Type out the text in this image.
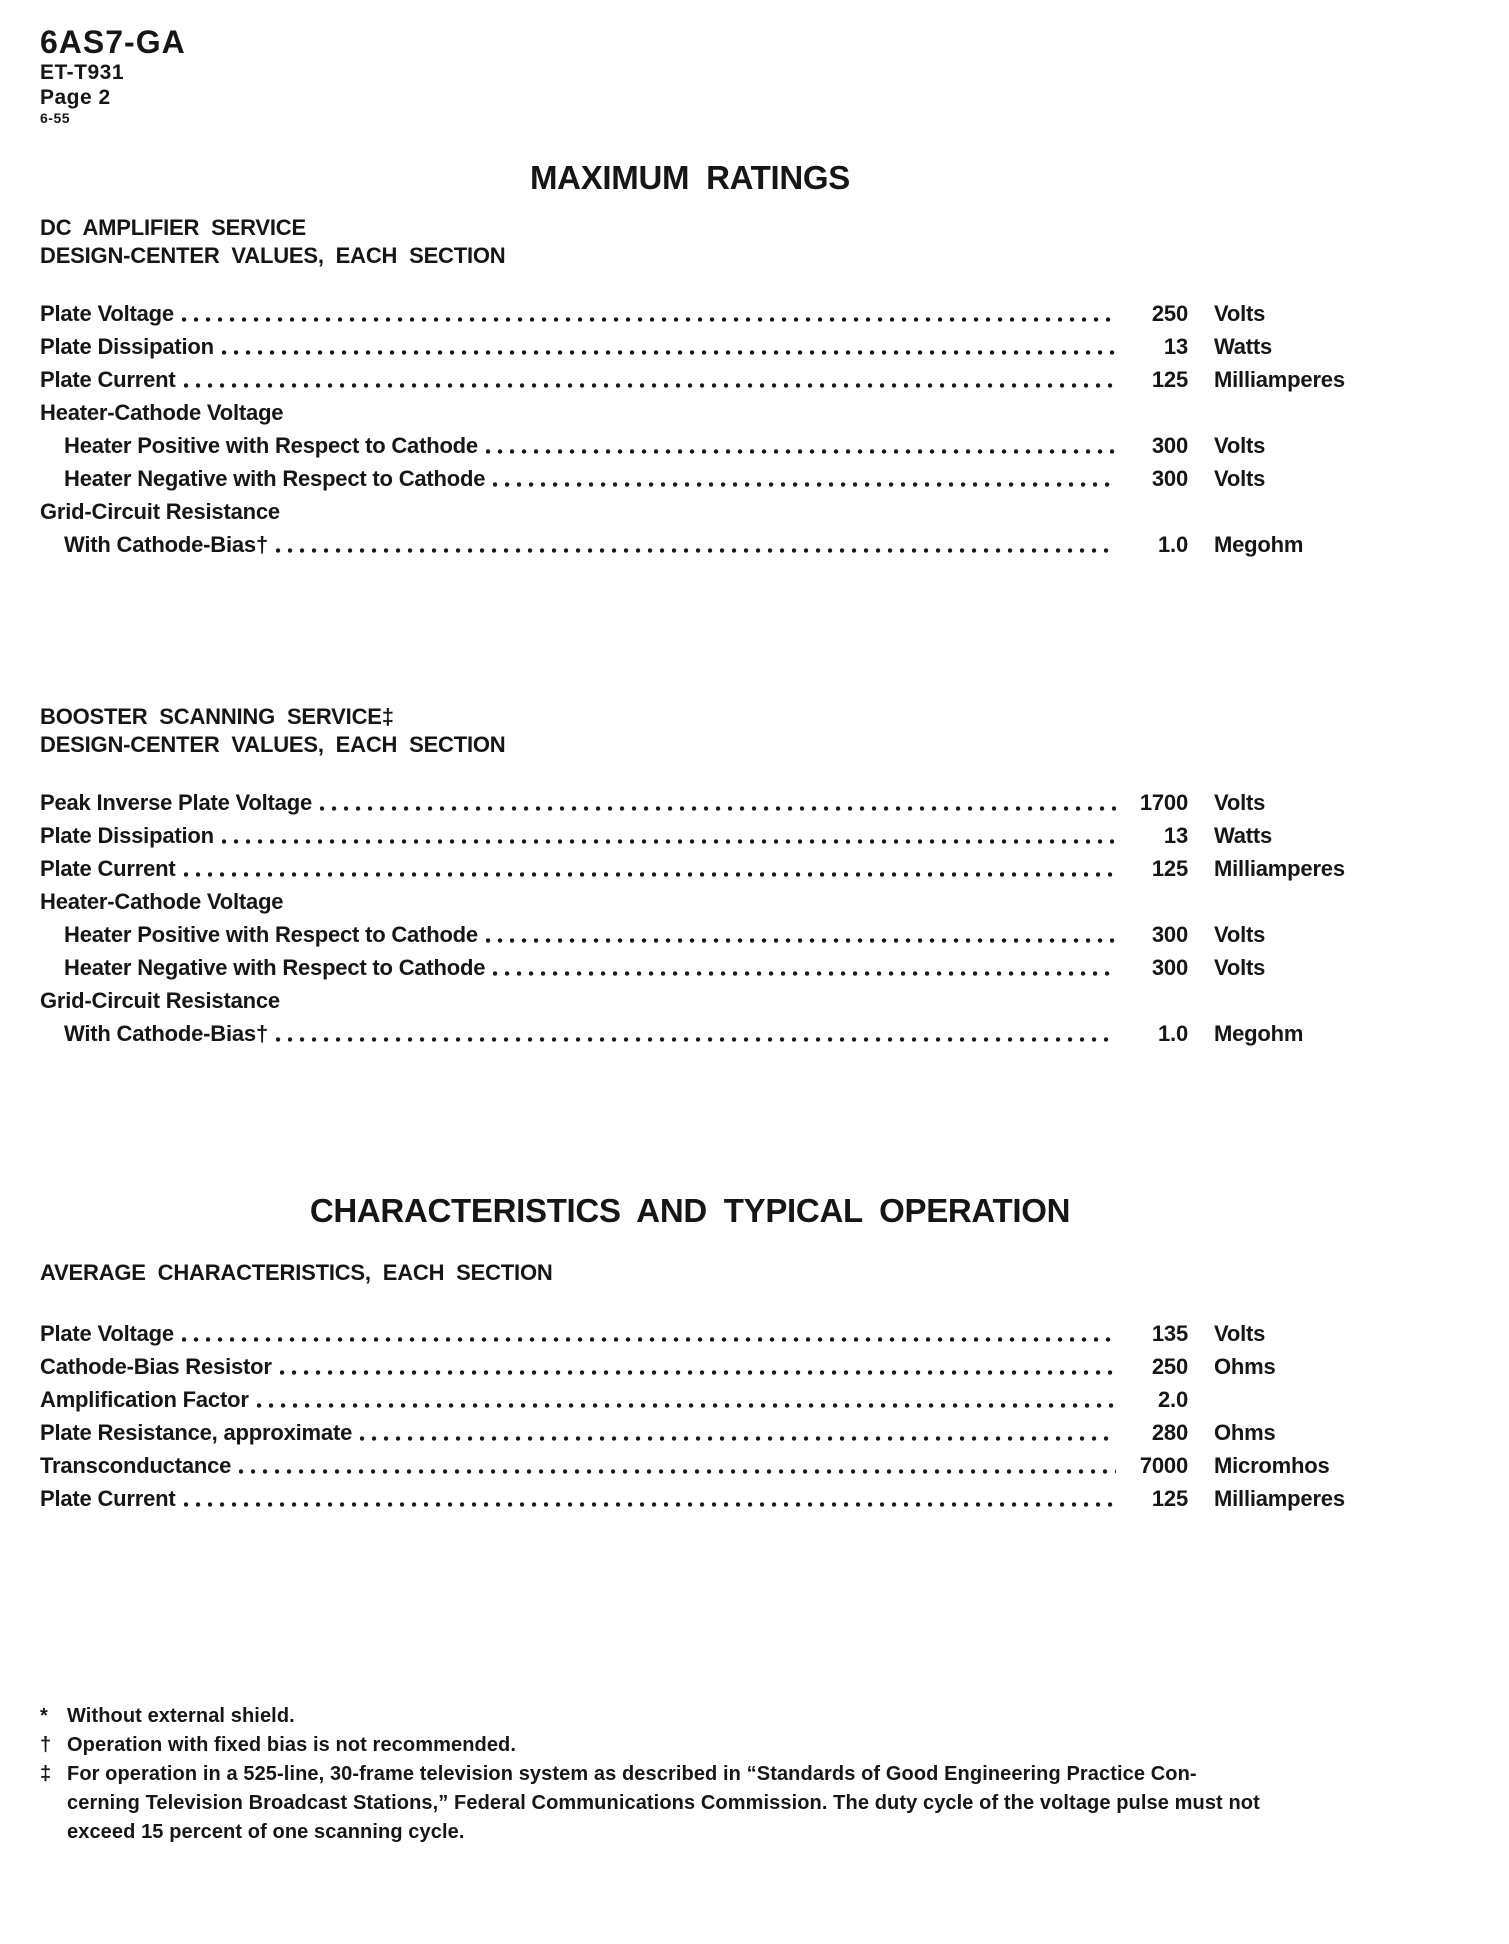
6AS7-GA
ET-T931
Page 2
6-55
MAXIMUM RATINGS
DC AMPLIFIER SERVICE
DESIGN-CENTER VALUES, EACH SECTION
Plate Voltage	250 Volts
Plate Dissipation	13 Watts
Plate Current	125 Milliamperes
Heater-Cathode Voltage
Heater Positive with Respect to Cathode	300 Volts
Heater Negative with Respect to Cathode	300 Volts
Grid-Circuit Resistance
With Cathode-Bias†	1.0 Megohm
BOOSTER SCANNING SERVICE‡
DESIGN-CENTER VALUES, EACH SECTION
Peak Inverse Plate Voltage	1700 Volts
Plate Dissipation	13 Watts
Plate Current	125 Milliamperes
Heater-Cathode Voltage
Heater Positive with Respect to Cathode	300 Volts
Heater Negative with Respect to Cathode	300 Volts
Grid-Circuit Resistance
With Cathode-Bias†	1.0 Megohm
CHARACTERISTICS AND TYPICAL OPERATION
AVERAGE CHARACTERISTICS, EACH SECTION
Plate Voltage	135 Volts
Cathode-Bias Resistor	250 Ohms
Amplification Factor	2.0
Plate Resistance, approximate	280 Ohms
Transconductance	7000 Micromhos
Plate Current	125 Milliamperes
* Without external shield.
† Operation with fixed bias is not recommended.
‡ For operation in a 525-line, 30-frame television system as described in “Standards of Good Engineering Practice Con-
cerning Television Broadcast Stations,” Federal Communications Commission. The duty cycle of the voltage pulse must not
exceed 15 percent of one scanning cycle.
